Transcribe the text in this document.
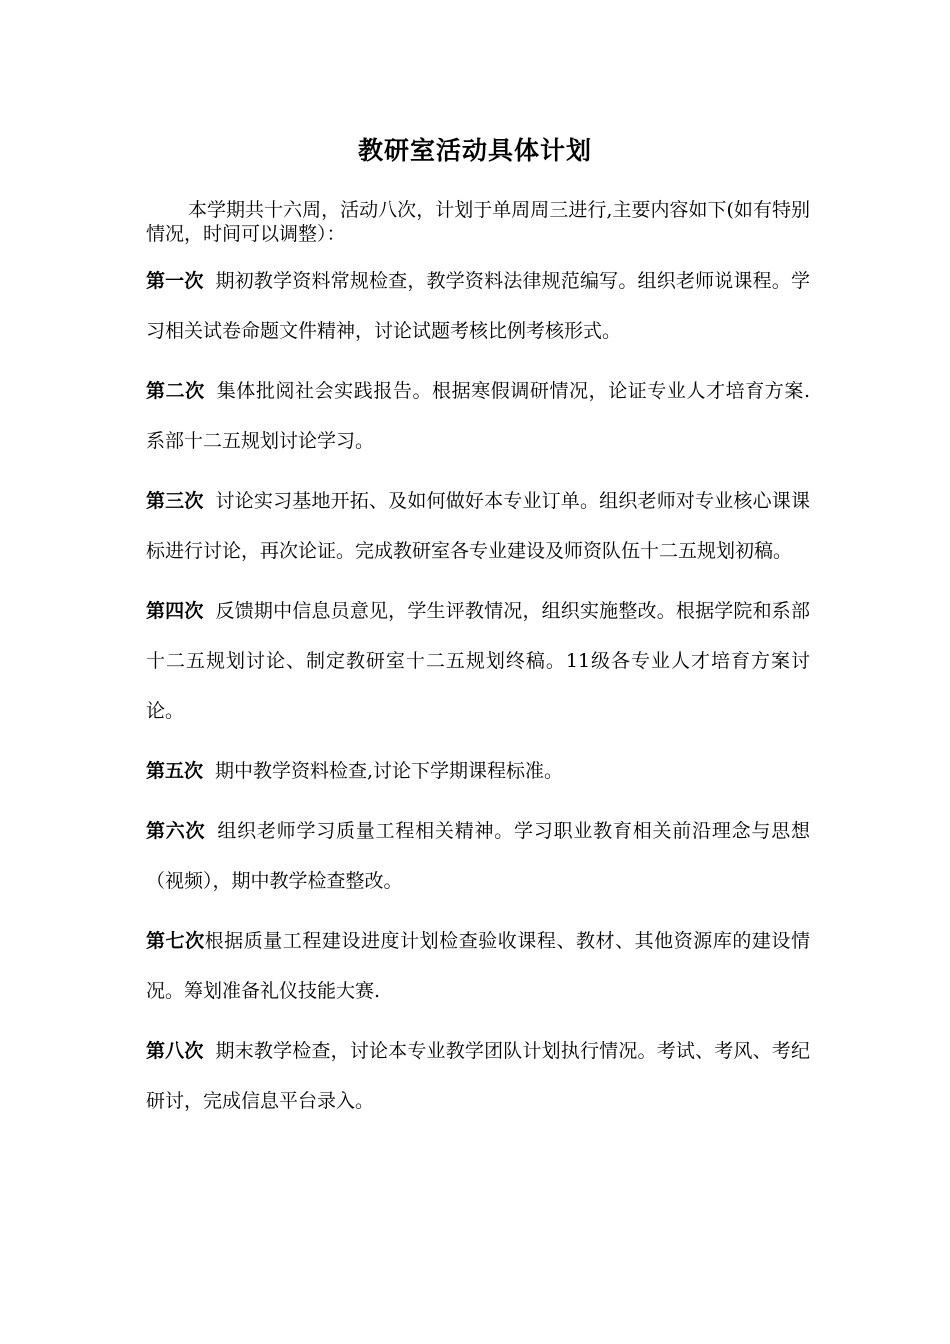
教研室活动具体计划

本学期共十六周，活动八次，计划于单周周三进行,主要内容如下(如有特别情况，时间可以调整）：

第一次 期初教学资料常规检查，教学资料法律规范编写。组织老师说课程。学习相关试卷命题文件精神，讨论试题考核比例考核形式。

第二次 集体批阅社会实践报告。根据寒假调研情况，论证专业人才培育方案.系部十二五规划讨论学习。

第三次 讨论实习基地开拓、及如何做好本专业订单。组织老师对专业核心课课标进行讨论，再次论证。完成教研室各专业建设及师资队伍十二五规划初稿。

第四次 反馈期中信息员意见，学生评教情况，组织实施整改。根据学院和系部十二五规划讨论、制定教研室十二五规划终稿。11级各专业人才培育方案讨论。

第五次 期中教学资料检查,讨论下学期课程标准。

第六次 组织老师学习质量工程相关精神。学习职业教育相关前沿理念与思想（视频），期中教学检查整改。

第七次根据质量工程建设进度计划检查验收课程、教材、其他资源库的建设情况。筹划准备礼仪技能大赛.

第八次 期末教学检查，讨论本专业教学团队计划执行情况。考试、考风、考纪研讨，完成信息平台录入。
